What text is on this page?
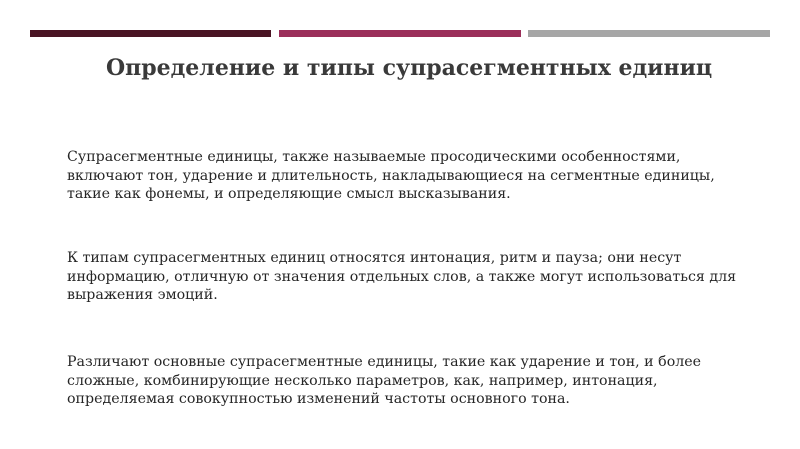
Определение и типы супрасегментных единиц

Супрасегментные единицы, также называемые просодическими особенностями,
включают тон, ударение и длительность, накладывающиеся на сегментные единицы,
такие как фонемы, и определяющие смысл высказывания.

К типам супрасегментных единиц относятся интонация, ритм и пауза; они несут
информацию, отличную от значения отдельных слов, а также могут использоваться для
выражения эмоций.

Различают основные супрасегментные единицы, такие как ударение и тон, и более
сложные, комбинирующие несколько параметров, как, например, интонация,
определяемая совокупностью изменений частоты основного тона.
